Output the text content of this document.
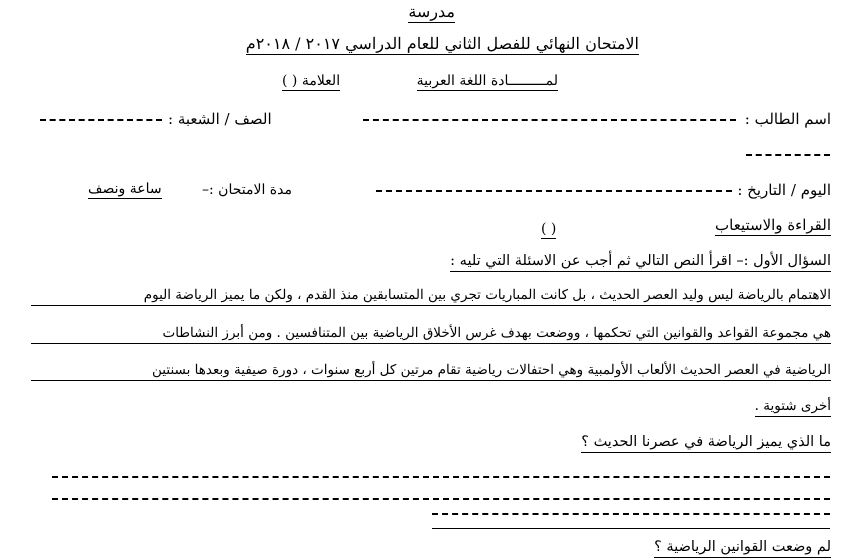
مدرسة
الامتحان النهائي للفصل الثاني للعام الدراسي ٢٠١٧ / ٢٠١٨م
لمـــــــــادة اللغة العربية
العلامة ( )
اسم الطالب :
الصف / الشعبة :
اليوم / التاريخ :
مدة الامتحان :–
ساعة ونصف
القراءة والاستيعاب
( )
السؤال الأول :– اقرأ النص التالي ثم أجب عن الاسئلة التي تليه :
الاهتمام بالرياضة ليس وليد العصر الحديث ، بل كانت المباريات تجري بين المتسابقين منذ القدم ، ولكن ما يميز الرياضة اليوم
هي مجموعة القواعد والقوانين التي تحكمها ، ووضعت بهدف غرس الأخلاق الرياضية بين المتنافسين . ومن أبرز النشاطات
الرياضية في العصر الحديث الألعاب الأولمبية وهي احتفالات رياضية تقام مرتين كل أربع سنوات ، دورة صيفية وبعدها بسنتين
أخرى شتوية .
ما الذي يميز الرياضة في عصرنا الحديث ؟
لم وضعت القوانين الرياضية ؟
